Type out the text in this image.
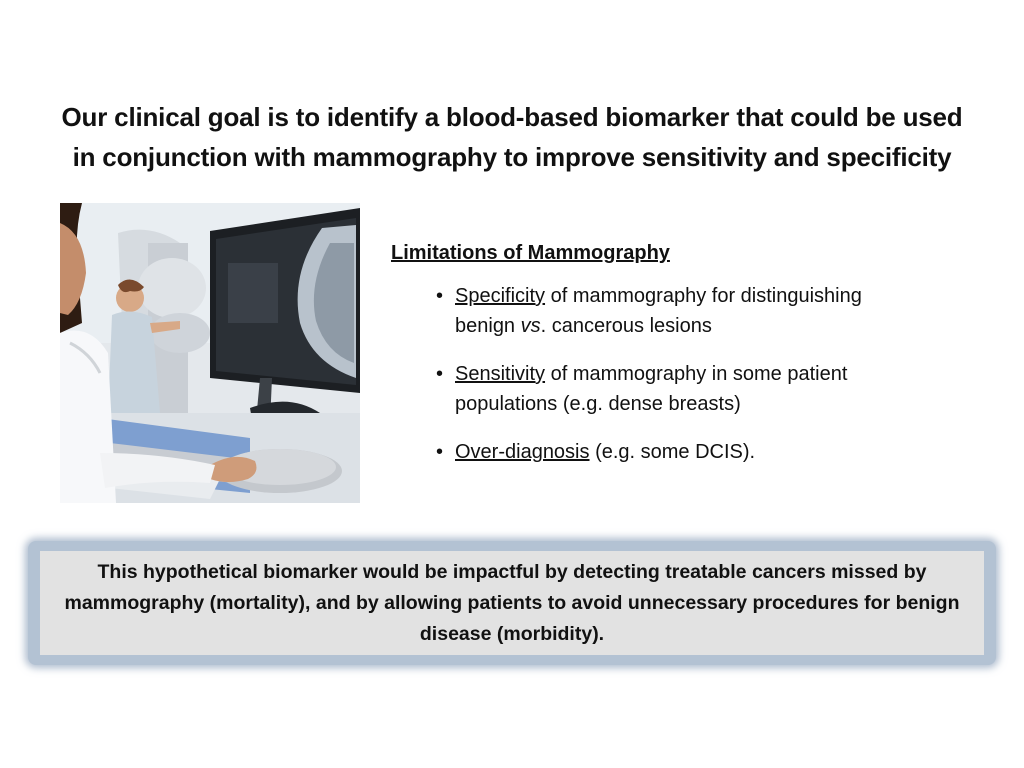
Our clinical goal is to identify a blood-based biomarker that could be used
in conjunction with mammography to improve sensitivity and specificity
Limitations of Mammography
• Specificity of mammography for distinguishing
benign vs. cancerous lesions
• Sensitivity of mammography in some patient
populations (e.g. dense breasts)
• Over-diagnosis (e.g. some DCIS).
This hypothetical biomarker would be impactful by detecting treatable cancers missed by mammography (mortality), and by allowing patients to avoid unnecessary procedures for benign disease (morbidity).
